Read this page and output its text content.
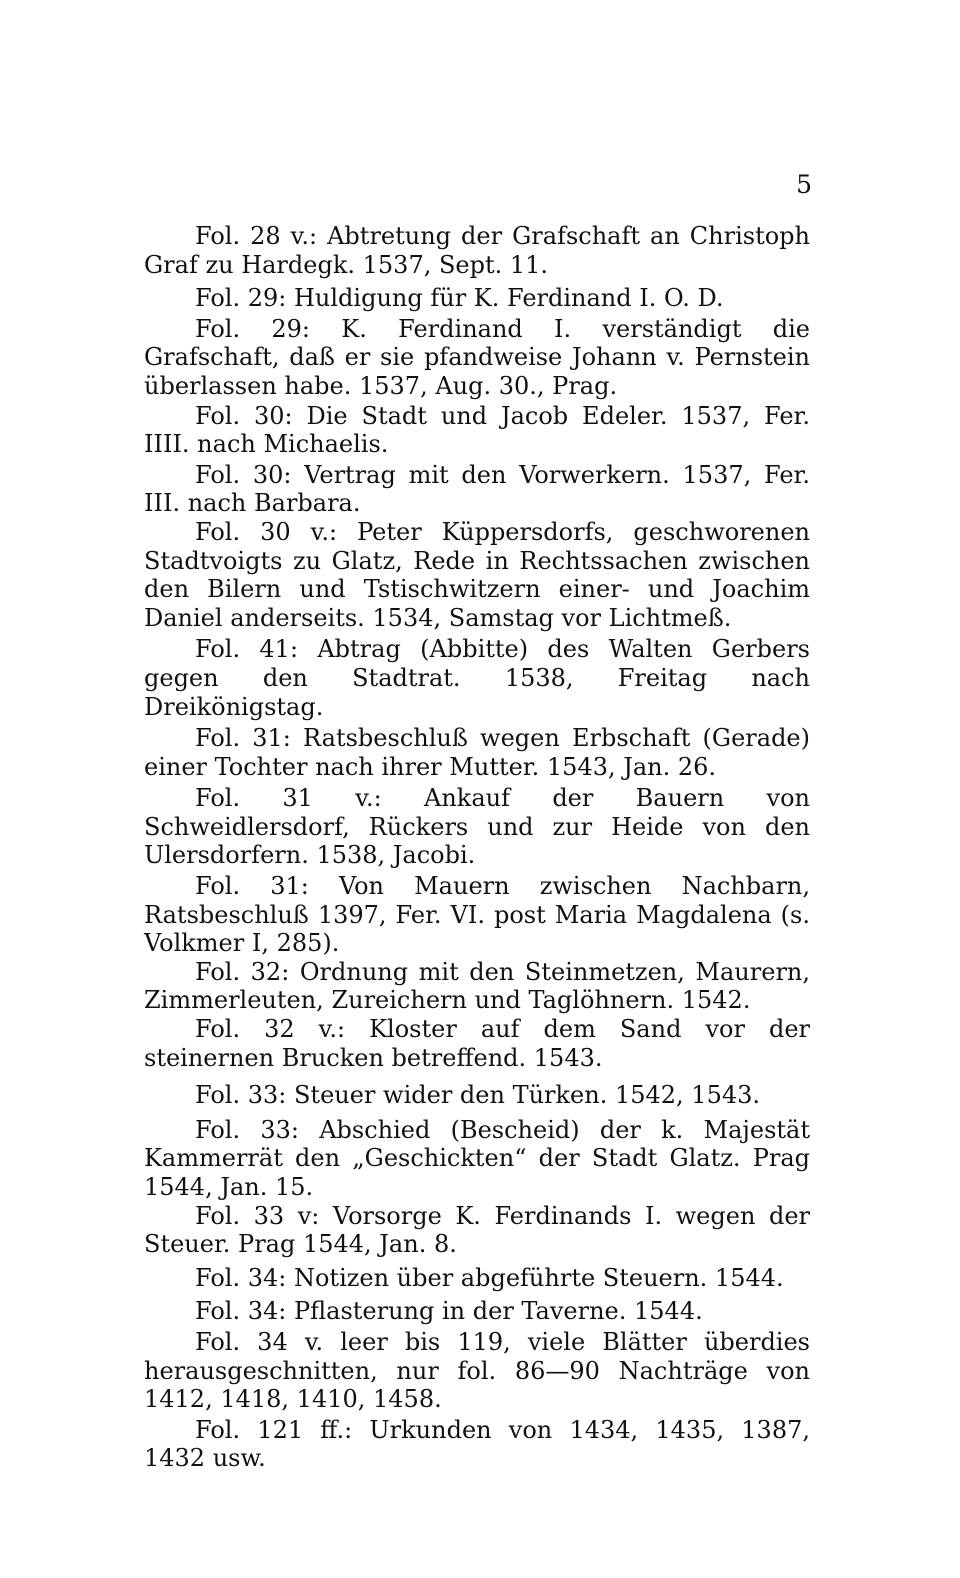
5

Fol. 28 v.: Abtretung der Grafschaft an Christoph Graf zu Hardegk. 1537, Sept. 11.

Fol. 29: Huldigung für K. Ferdinand I. O. D.

Fol. 29: K. Ferdinand I. verständigt die Grafschaft, daß er sie pfandweise Johann v. Pernstein überlassen habe. 1537, Aug. 30., Prag.

Fol. 30: Die Stadt und Jacob Edeler. 1537, Fer. IIII. nach Michaelis.

Fol. 30: Vertrag mit den Vorwerkern. 1537, Fer. III. nach Barbara.

Fol. 30 v.: Peter Küppersdorfs, geschworenen Stadtvoigts zu Glatz, Rede in Rechtssachen zwischen den Bilern und Tstischwitzern einer- und Joachim Daniel anderseits. 1534, Samstag vor Lichtmeß.

Fol. 41: Abtrag (Abbitte) des Walten Gerbers gegen den Stadtrat. 1538, Freitag nach Dreikönigstag.

Fol. 31: Ratsbeschluß wegen Erbschaft (Gerade) einer Tochter nach ihrer Mutter. 1543, Jan. 26.

Fol. 31 v.: Ankauf der Bauern von Schweidlersdorf, Rückers und zur Heide von den Ulersdorfern. 1538, Jacobi.

Fol. 31: Von Mauern zwischen Nachbarn, Ratsbeschluß 1397, Fer. VI. post Maria Magdalena (s. Volkmer I, 285).

Fol. 32: Ordnung mit den Steinmetzen, Maurern, Zimmerleuten, Zureichern und Taglöhnern. 1542.

Fol. 32 v.: Kloster auf dem Sand vor der steinernen Brucken betreffend. 1543.

Fol. 33: Steuer wider den Türken. 1542, 1543.

Fol. 33: Abschied (Bescheid) der k. Majestät Kammerrät den „Geschickten“ der Stadt Glatz. Prag 1544, Jan. 15.

Fol. 33 v: Vorsorge K. Ferdinands I. wegen der Steuer. Prag 1544, Jan. 8.

Fol. 34: Notizen über abgeführte Steuern. 1544.

Fol. 34: Pflasterung in der Taverne. 1544.

Fol. 34 v. leer bis 119, viele Blätter überdies herausgeschnitten, nur fol. 86—90 Nachträge von 1412, 1418, 1410, 1458.

Fol. 121 ff.: Urkunden von 1434, 1435, 1387, 1432 usw.
